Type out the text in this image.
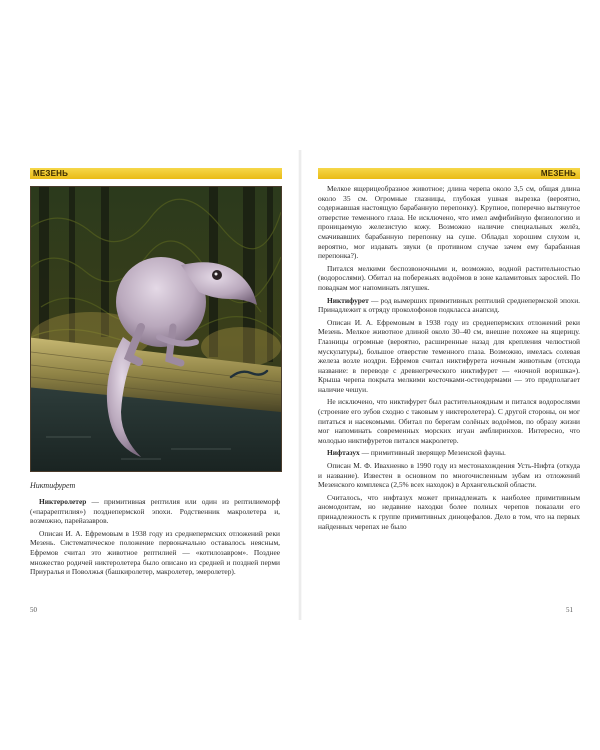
МЕЗЕНЬ
Никтифурет

Никтеролетер — примитивная рептилия или один из рептилиеморф («парарептилия») позднепермской эпохи. Родственник макролетера и, возможно, парейазавров.

Описан И. А. Ефремовым в 1938 году из среднепермских отложений реки Мезень. Систематическое положение первоначально оставалось неясным, Ефремов считал это животное рептилией — «котилозавром». Позднее множество родичей никтеролетера было описано из средней и поздней перми Приуралья и Поволжья (башкиролетер, макролетер, эмеролетер).

50
МЕЗЕНЬ

Мелкое ящерицеобразное животное; длина черепа около 3,5 см, общая длина около 35 см. Огромные глазницы, глубокая ушная вырезка (вероятно, содержавшая настоящую барабанную перепонку). Крупное, поперечно вытянутое отверстие теменного глаза. Не исключено, что имел амфибийную физиологию и проницаемую железистую кожу. Возможно наличие специальных желёз, смачивавших барабанную перепонку на суше. Обладал хорошим слухом и, вероятно, мог издавать звуки (в противном случае зачем ему барабанная перепонка?).

Питался мелкими беспозвоночными и, возможно, водной растительностью (водорослями). Обитал на побережьях водоёмов в зоне каламитовых зарослей. По повадкам мог напоминать лягушек.

Никтифурет — род вымерших примитивных рептилий среднепермской эпохи. Принадлежит к отряду проколофонов подкласса анапсид.

Описан И. А. Ефремовым в 1938 году из среднепермских отложений реки Мезень. Мелкое животное длиной около 30–40 см, внешне похожее на ящерицу. Глазницы огромные (вероятно, расширенные назад для крепления челюстной мускулатуры), большое отверстие теменного глаза. Возможно, имелась солевая железа возле ноздри. Ефремов считал никтифурета ночным животным (отсюда название: в переводе с древнегреческого никтифурет — «ночной воришка»). Крыша черепа покрыта мелкими косточками-остеодермами — это предполагает наличие чешуи.

Не исключено, что никтифурет был растительноядным и питался водорослями (строение его зубов сходно с таковым у никтеролетера). С другой стороны, он мог питаться и насекомыми. Обитал по берегам солёных водоёмов, по образу жизни мог напоминать современных морских игуан амблиринхов. Интересно, что молодью никтифуретов питался макролетер.

Нифтазух — примитивный зверящер Мезенской фауны.

Описан М. Ф. Ивахненко в 1990 году из местонахождения Усть-Нифта (откуда и название). Известен в основном по многочисленным зубам из отложений Мезенского комплекса (2,5% всех находок) в Архангельской области.

Считалось, что нифтазух может принадлежать к наиболее примитивным аномодонтам, но недавние находки более полных черепов показали его принадлежность к группе примитивных диноцефалов. Дело в том, что на первых найденных черепах не было

51
